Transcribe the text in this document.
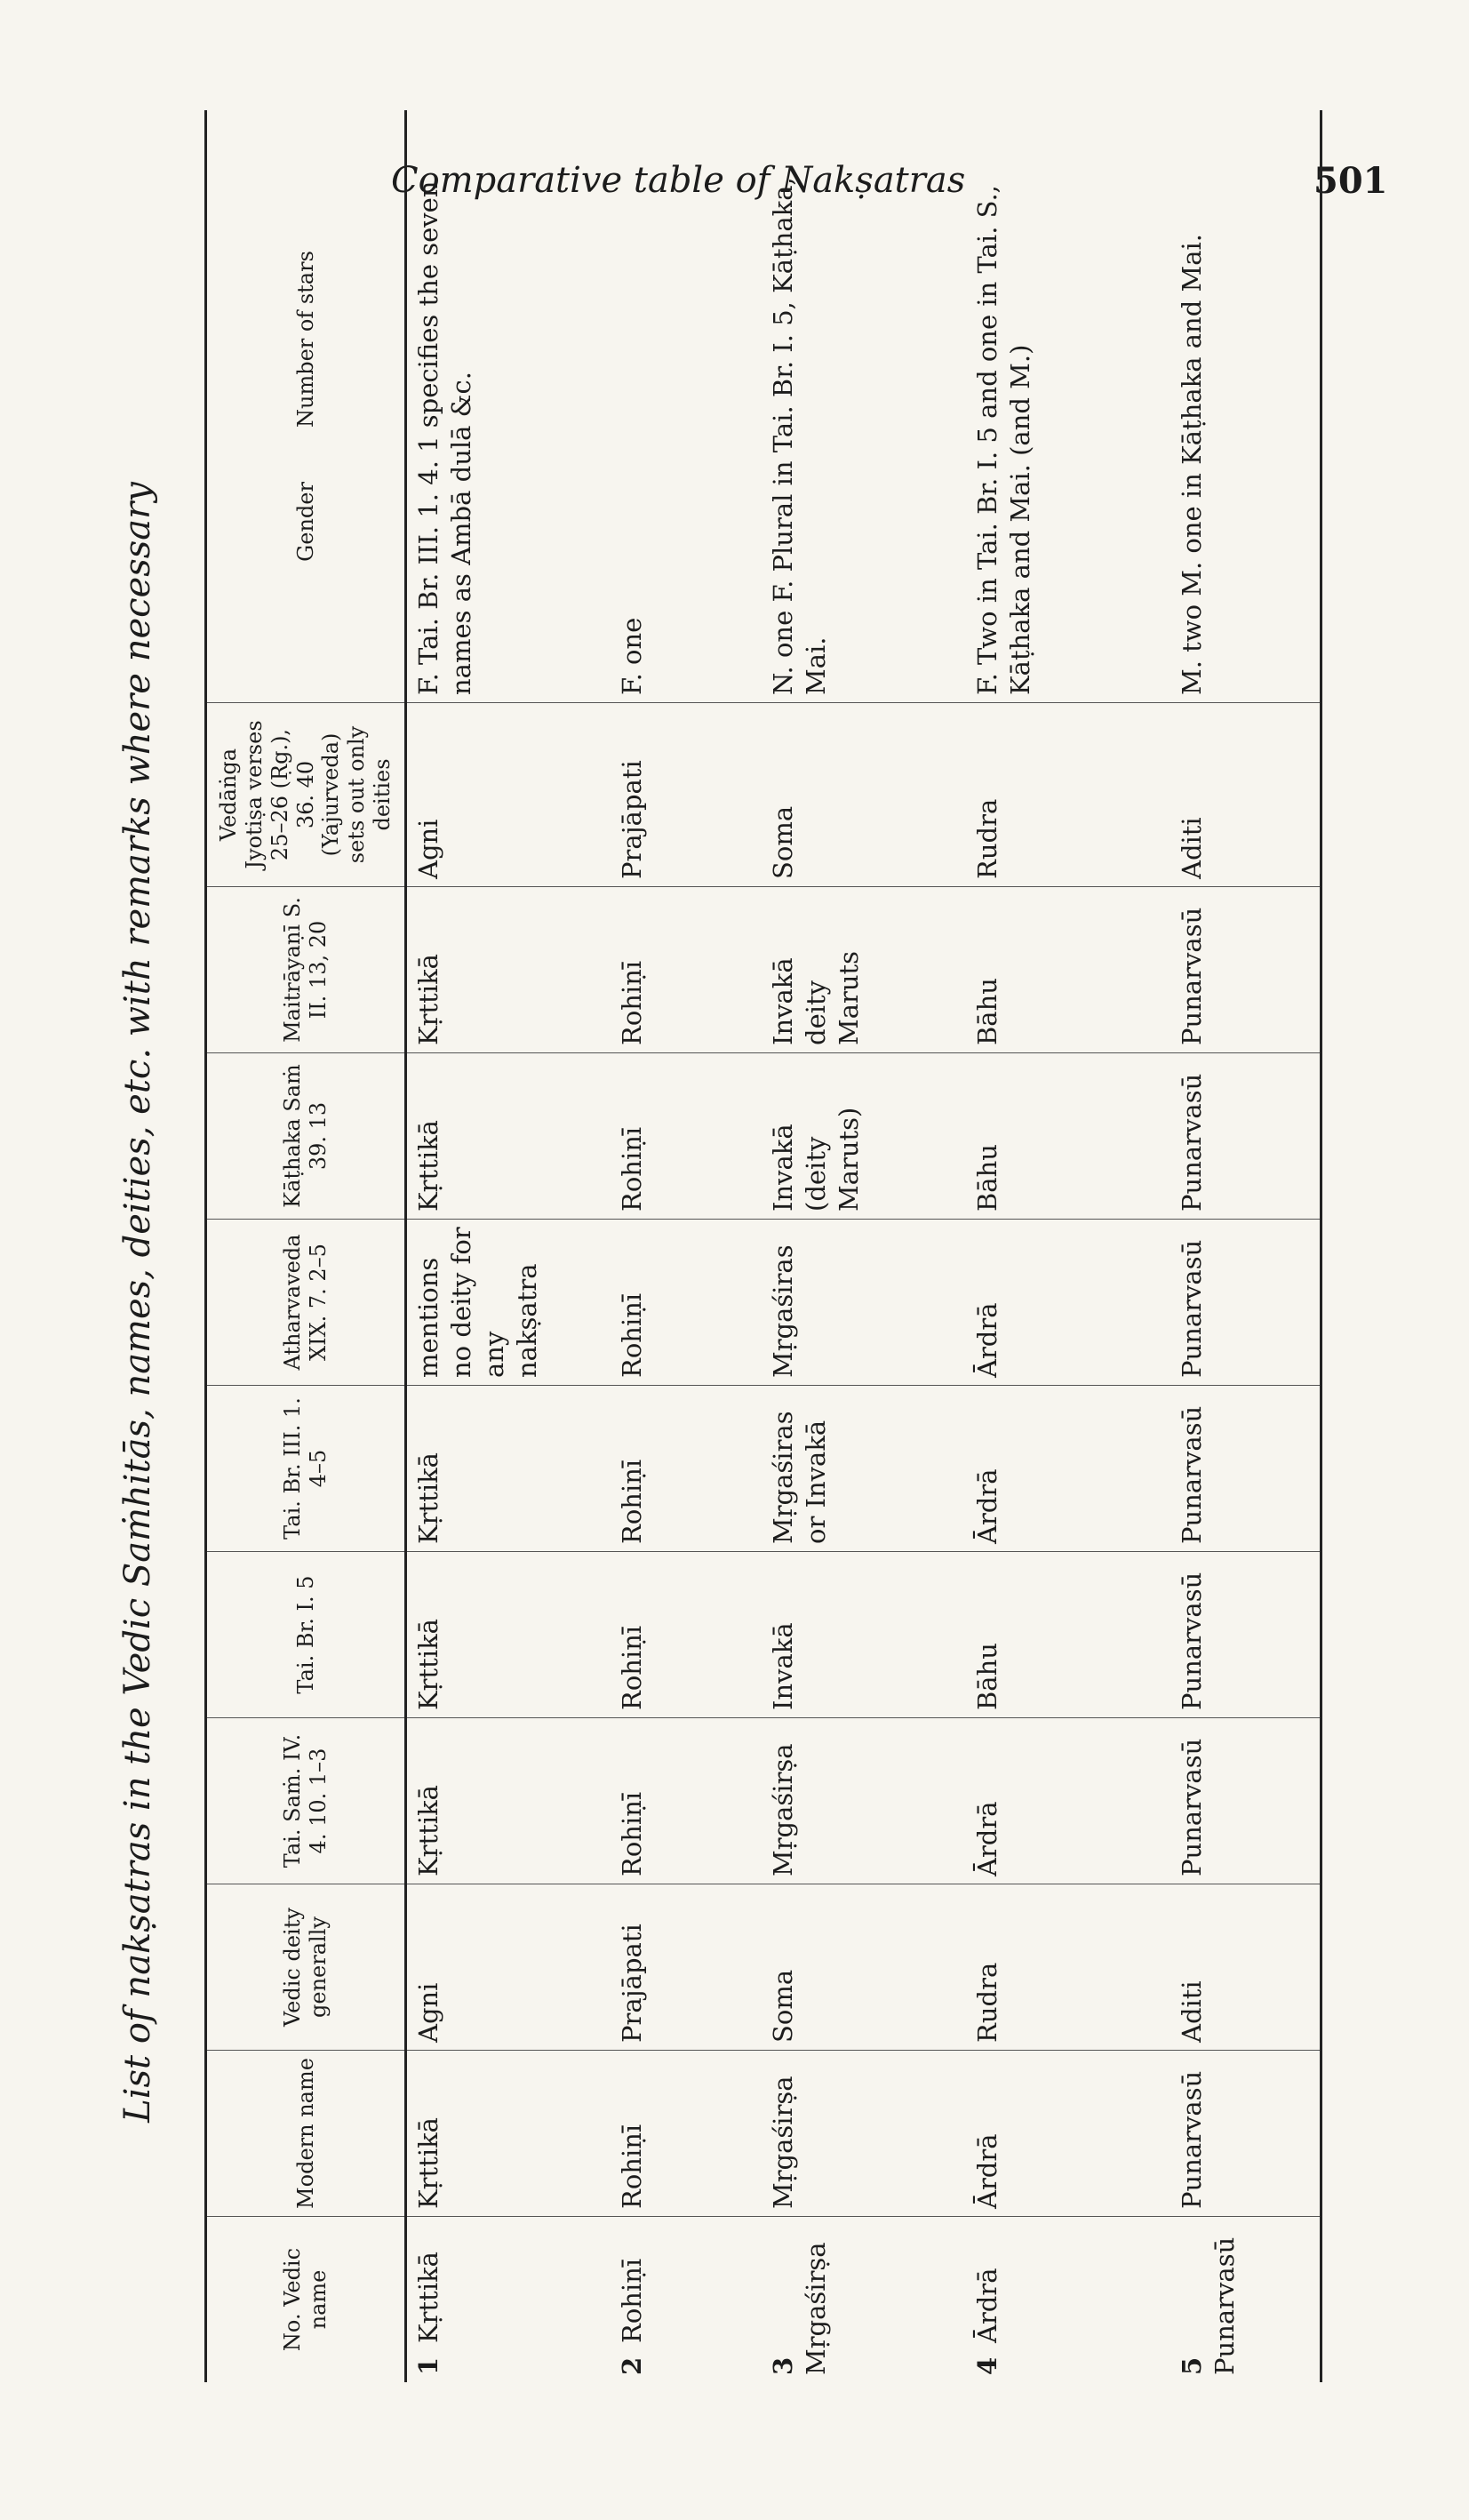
Comparative table of Nakṣatras	501
List of nakṣatras in the Vedic Saṁhitās, names, deities, etc. with remarks where necessary
No. Vedic name	Modern name	Vedic deity generally	Tai. Saṁ. IV. 4. 10. 1–3	Tai. Br. I. 5	Tai. Br. III. 1. 4–5	Atharvaveda XIX. 7. 2–5	Kāṭhaka Saṁ 39. 13	Maitrāyaṇī S. II. 13, 20	Vedāṅga Jyotiṣa verses 25–26 (Ṛg.), 36. 40 (Yajurveda) sets out only deities	Gender        Number of stars
1Kṛttikā	Kṛttikā	Agni	Kṛttikā	Kṛttikā	Kṛttikā	mentions no deity for any nakṣatra	Kṛttikā	Kṛttikā	Agni	F. Tai. Br. III. 1. 4. 1 specifies the seven names as Ambā dulā &c.
2Rohiṇī	Rohiṇī	Prajāpati	Rohiṇī	Rohiṇī	Rohiṇī	Rohiṇī	Rohiṇī	Rohiṇī	Prajāpati	F. one
3 Mṛgaśirṣa	Mṛgaśirṣa	Soma	Mṛgaśirṣa	Invakā	Mṛgaśiras or Invakā	Mṛgaśiras	Invakā (deity Maruts)	Invakā deity Maruts	Soma	N. one F. Plural in Tai. Br. I. 5, Kāṭhaka, Mai.
4Ārdrā	Ārdrā	Rudra	Ārdrā	Bāhu	Ārdrā	Ārdrā	Bāhu	Bāhu	Rudra	F. Two in Tai. Br. I. 5 and one in Tai. S., Kāṭhaka and Mai. (and M.)
5 Punarvasū	Punarvasū	Aditi	Punarvasū	Punarvasū	Punarvasū	Punarvasū	Punarvasū	Punarvasū	Aditi	M. two M. one in Kāṭhaka and Mai.
